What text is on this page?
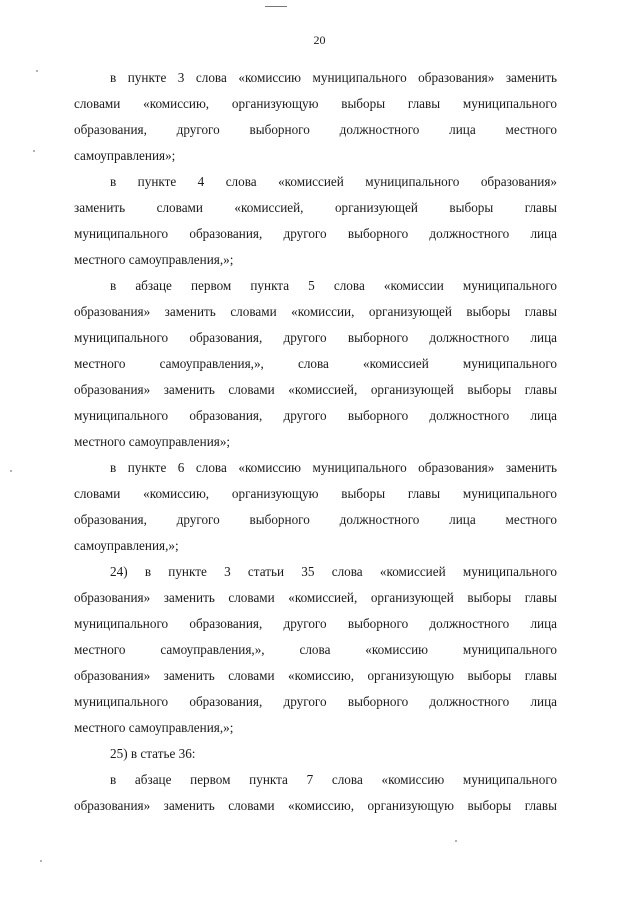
20

в пункте 3 слова «комиссию муниципального образования» заменить

словами «комиссию, организующую выборы главы муниципального

образования, другого выборного должностного лица местного

самоуправления»;

в пункте 4 слова «комиссией муниципального образования»

заменить словами «комиссией, организующей выборы главы

муниципального образования, другого выборного должностного лица

местного самоуправления,»;

в абзаце первом пункта 5 слова «комиссии муниципального

образования» заменить словами «комиссии, организующей выборы главы

муниципального образования, другого выборного должностного лица

местного самоуправления,», слова «комиссией муниципального

образования» заменить словами «комиссией, организующей выборы главы

муниципального образования, другого выборного должностного лица

местного самоуправления»;

в пункте 6 слова «комиссию муниципального образования» заменить

словами «комиссию, организующую выборы главы муниципального

образования, другого выборного должностного лица местного

самоуправления,»;

24) в пункте 3 статьи 35 слова «комиссией муниципального

образования» заменить словами «комиссией, организующей выборы главы

муниципального образования, другого выборного должностного лица

местного самоуправления,», слова «комиссию муниципального

образования» заменить словами «комиссию, организующую выборы главы

муниципального образования, другого выборного должностного лица

местного самоуправления,»;

25) в статье 36:

в абзаце первом пункта 7 слова «комиссию муниципального

образования» заменить словами «комиссию, организующую выборы главы
